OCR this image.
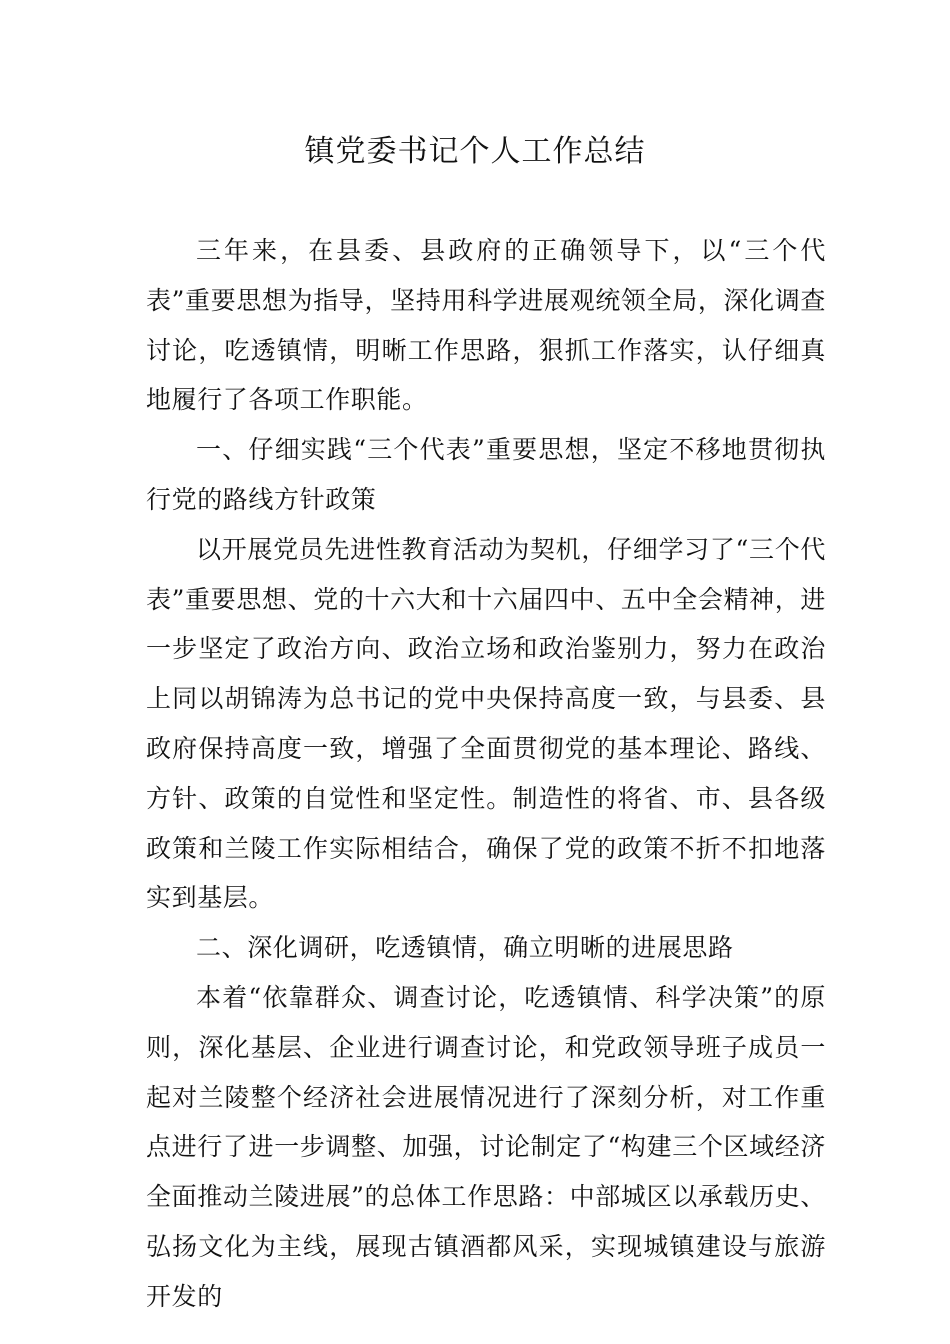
镇党委书记个人工作总结

三年来，在县委、县政府的正确领导下，以“三个代表”重要思想为指导，坚持用科学进展观统领全局，深化调查讨论，吃透镇情，明晰工作思路，狠抓工作落实，认仔细真地履行了各项工作职能。

一、仔细实践“三个代表”重要思想，坚定不移地贯彻执行党的路线方针政策

以开展党员先进性教育活动为契机，仔细学习了“三个代表”重要思想、党的十六大和十六届四中、五中全会精神，进一步坚定了政治方向、政治立场和政治鉴别力，努力在政治上同以胡锦涛为总书记的党中央保持高度一致，与县委、县政府保持高度一致，增强了全面贯彻党的基本理论、路线、方针、政策的自觉性和坚定性。制造性的将省、市、县各级政策和兰陵工作实际相结合，确保了党的政策不折不扣地落实到基层。

二、深化调研，吃透镇情，确立明晰的进展思路

本着“依靠群众、调查讨论，吃透镇情、科学决策”的原则，深化基层、企业进行调查讨论，和党政领导班子成员一起对兰陵整个经济社会进展情况进行了深刻分析，对工作重点进行了进一步调整、加强，讨论制定了“构建三个区域经济全面推动兰陵进展”的总体工作思路：中部城区以承载历史、弘扬文化为主线，展现古镇酒都风采，实现城镇建设与旅游开发的
